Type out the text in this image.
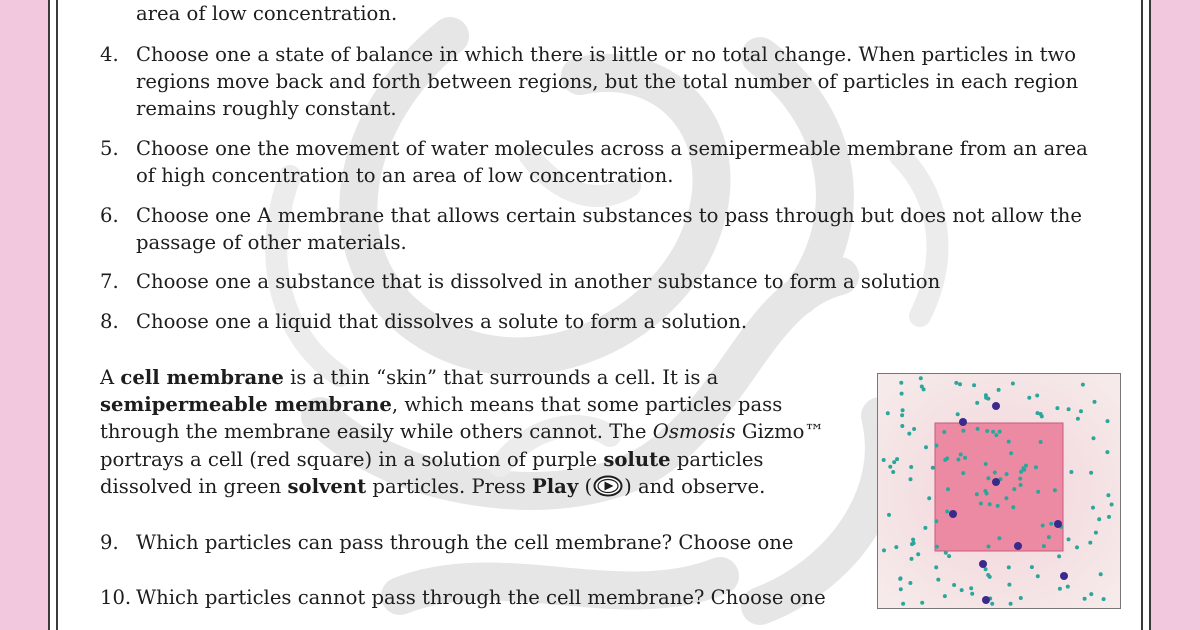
area of low concentration.
4. Choose one a state of balance in which there is little or no total change. When particles in two
regions move back and forth between regions, but the total number of particles in each region
remains roughly constant.
5. Choose one the movement of water molecules across a semipermeable membrane from an area
of high concentration to an area of low concentration.
6. Choose one A membrane that allows certain substances to pass through but does not allow the
passage of other materials.
7. Choose one a substance that is dissolved in another substance to form a solution
8. Choose one a liquid that dissolves a solute to form a solution.
A cell membrane is a thin “skin” that surrounds a cell. It is a
semipermeable membrane, which means that some particles pass
through the membrane easily while others cannot. The Osmosis Gizmo™
portrays a cell (red square) in a solution of purple solute particles
dissolved in green solvent particles. Press Play ( ) and observe.
9. Which particles can pass through the cell membrane? Choose one
10. Which particles cannot pass through the cell membrane? Choose one
